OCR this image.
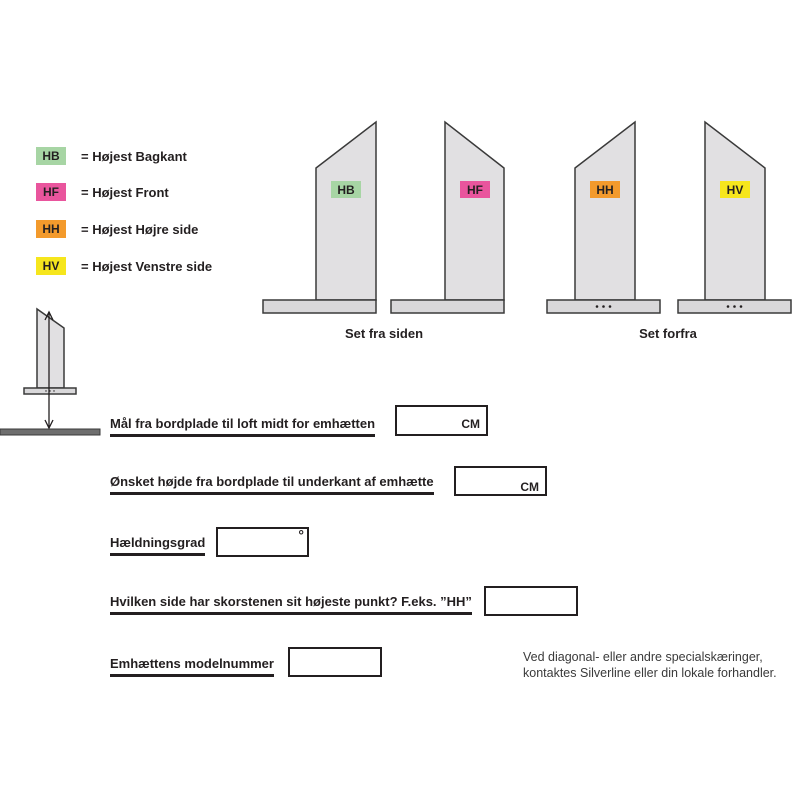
HB	= Højest Bagkant
HF	= Højest Front
HH	= Højest Højre side
HV	= Højest Venstre side
HB	HF	HH	HV
Set fra siden	Set forfra
Mål fra bordplade til loft midt for emhætten	CM
Ønsket højde fra bordplade til underkant af emhætte	CM
Hældningsgrad	°
Hvilken side har skorstenen sit højeste punkt? F.eks. ”HH”
Emhættens modelnummer	Ved diagonal- eller andre specialskæringer,
kontaktes Silverline eller din lokale forhandler.
